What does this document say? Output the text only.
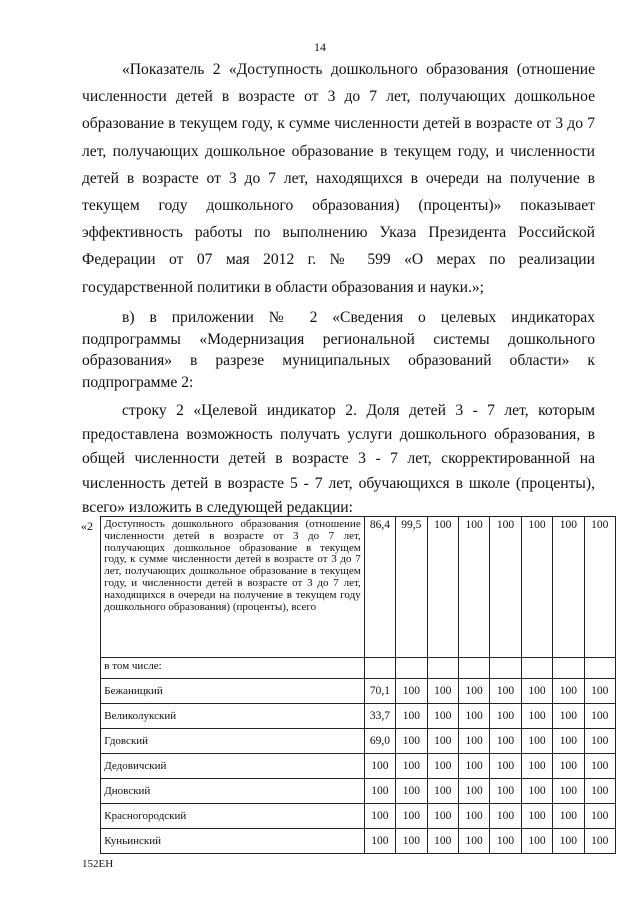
14
«Показатель 2 «Доступность дошкольного образования (отношение численности детей в возрасте от 3 до 7 лет, получающих дошкольное образование в текущем году, к сумме численности детей в возрасте от 3 до 7 лет, получающих дошкольное образование в текущем году, и численности детей в возрасте от 3 до 7 лет, находящихся в очереди на получение в текущем году дошкольного образования) (проценты)» показывает эффективность работы по выполнению Указа Президента Российской Федерации от 07 мая 2012 г. № 599 «О мерах по реализации государственной политики в области образования и науки.»;
в) в приложении № 2 «Сведения о целевых индикаторах подпрограммы «Модернизация региональной системы дошкольного образования» в разрезе муниципальных образований области» к подпрограмме 2:
строку 2 «Целевой индикатор 2. Доля детей 3 - 7 лет, которым предоставлена возможность получать услуги дошкольного образования, в общей численности детей в возрасте 3 - 7 лет, скорректированной на численность детей в возрасте 5 - 7 лет, обучающихся в школе (проценты), всего» изложить в следующей редакции:
«2	Доступность дошкольного образования (отношение численности детей в возрасте от 3 до 7 лет, получающих дошкольное образование в текущем году, к сумме численности детей в возрасте от 3 до 7 лет, получающих дошкольное образование в текущем году, и численности детей в возрасте от 3 до 7 лет, находящихся в очереди на получение в текущем году дошкольного образования) (проценты), всего	86,4	99,5	100	100	100	100	100	100
	в том числе:								
	Бежаницкий	70,1	100	100	100	100	100	100	100
	Великолукский	33,7	100	100	100	100	100	100	100
	Гдовский	69,0	100	100	100	100	100	100	100
	Дедовичский	100	100	100	100	100	100	100	100
	Дновский	100	100	100	100	100	100	100	100
	Красногородский	100	100	100	100	100	100	100	100
	Куньинский	100	100	100	100	100	100	100	100
152ЕН
